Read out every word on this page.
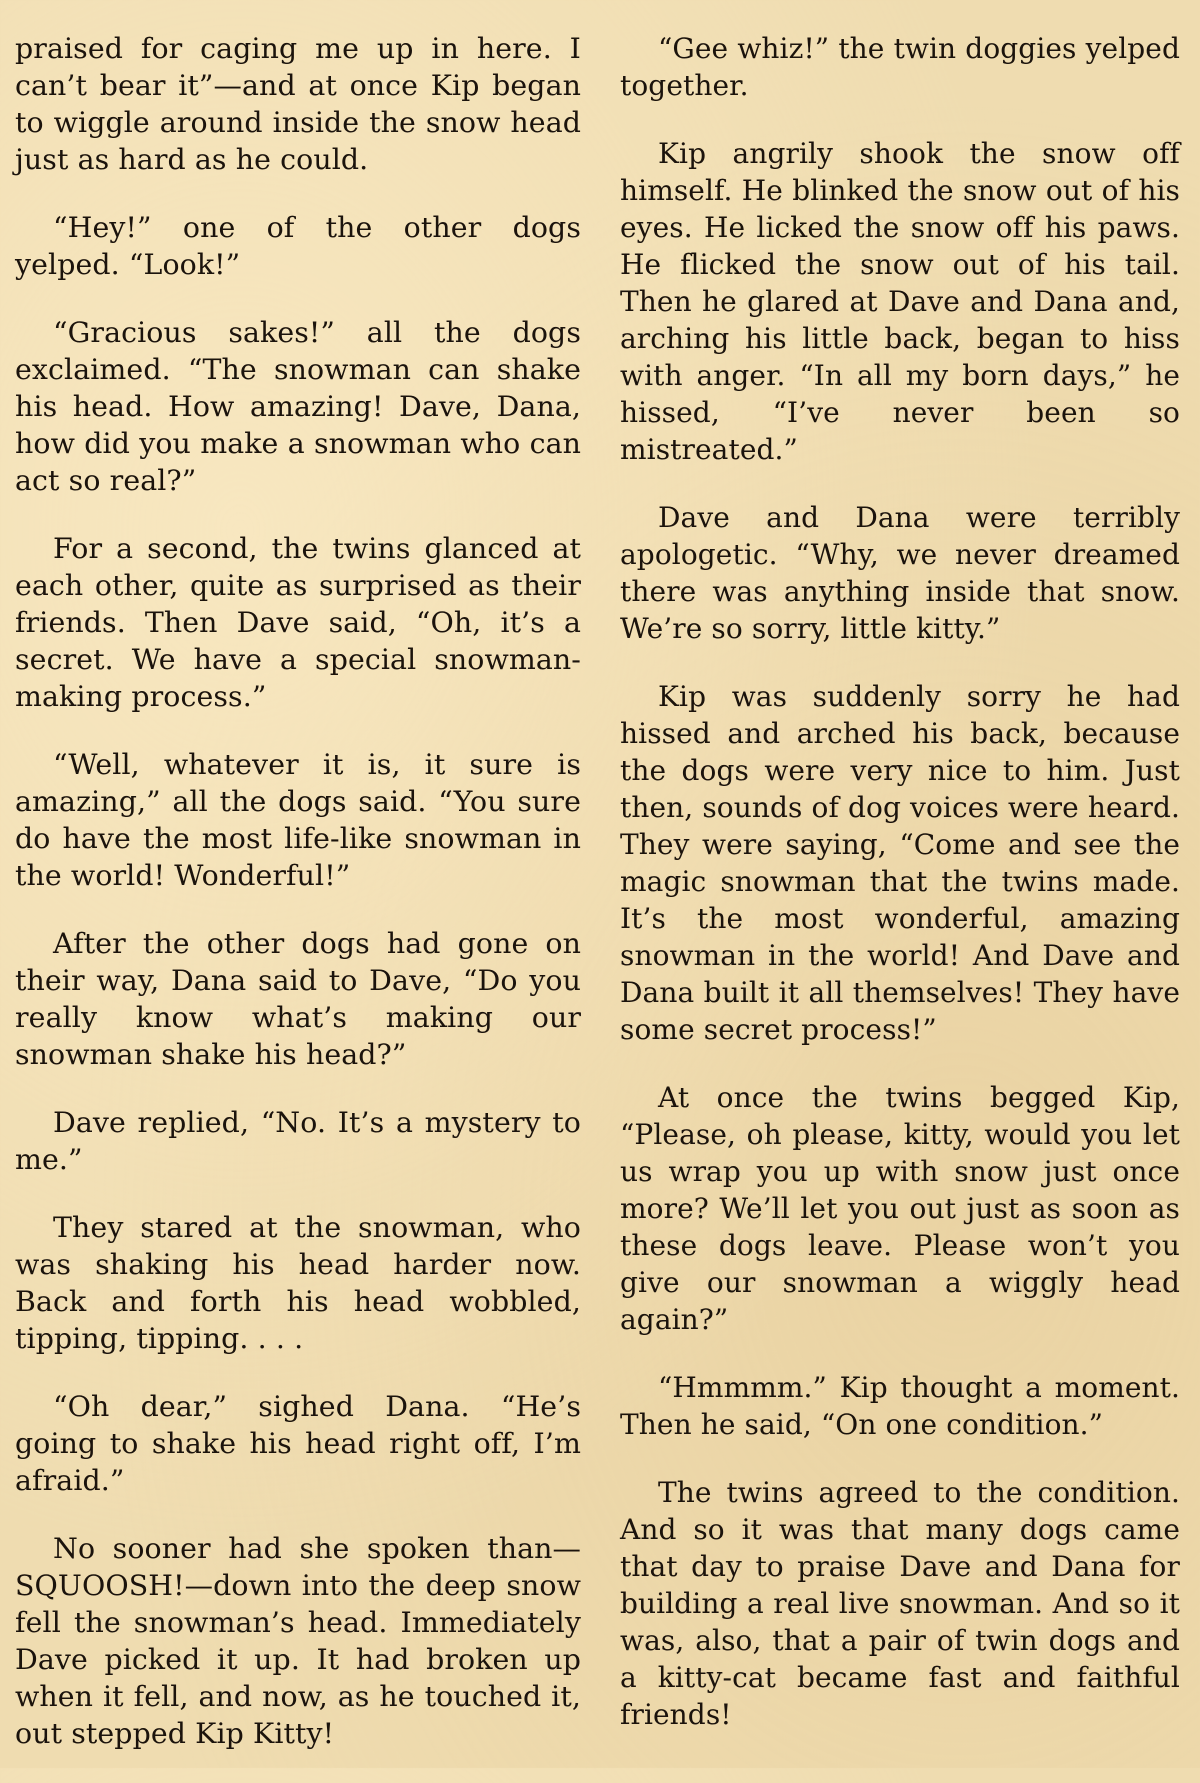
praised for caging me up in here. I can’t bear it”—and at once Kip began to wiggle around inside the snow head just as hard as he could.

“Hey!” one of the other dogs yelped. “Look!”

“Gracious sakes!” all the dogs exclaimed. “The snowman can shake his head. How amazing! Dave, Dana, how did you make a snowman who can act so real?”

For a second, the twins glanced at each other, quite as surprised as their friends. Then Dave said, “Oh, it’s a secret. We have a special snowman-making process.”

“Well, whatever it is, it sure is amazing,” all the dogs said. “You sure do have the most life-like snowman in the world! Wonderful!”

After the other dogs had gone on their way, Dana said to Dave, “Do you really know what’s making our snowman shake his head?”

Dave replied, “No. It’s a mystery to me.”

They stared at the snowman, who was shaking his head harder now. Back and forth his head wobbled, tipping, tipping. . . .

“Oh dear,” sighed Dana. “He’s going to shake his head right off, I’m afraid.”

No sooner had she spoken than—SQUOOSH!—down into the deep snow fell the snowman’s head. Immediately Dave picked it up. It had broken up when it fell, and now, as he touched it, out stepped Kip Kitty!

“Gee whiz!” the twin doggies yelped together.

Kip angrily shook the snow off himself. He blinked the snow out of his eyes. He licked the snow off his paws. He flicked the snow out of his tail. Then he glared at Dave and Dana and, arching his little back, began to hiss with anger. “In all my born days,” he hissed, “I’ve never been so mistreated.”

Dave and Dana were terribly apologetic. “Why, we never dreamed there was anything inside that snow. We’re so sorry, little kitty.”

Kip was suddenly sorry he had hissed and arched his back, because the dogs were very nice to him. Just then, sounds of dog voices were heard. They were saying, “Come and see the magic snowman that the twins made. It’s the most wonderful, amazing snowman in the world! And Dave and Dana built it all themselves! They have some secret process!”

At once the twins begged Kip, “Please, oh please, kitty, would you let us wrap you up with snow just once more? We’ll let you out just as soon as these dogs leave. Please won’t you give our snowman a wiggly head again?”

“Hmmmm.” Kip thought a moment. Then he said, “On one condition.”

The twins agreed to the condition. And so it was that many dogs came that day to praise Dave and Dana for building a real live snowman. And so it was, also, that a pair of twin dogs and a kitty-cat became fast and faithful friends!
